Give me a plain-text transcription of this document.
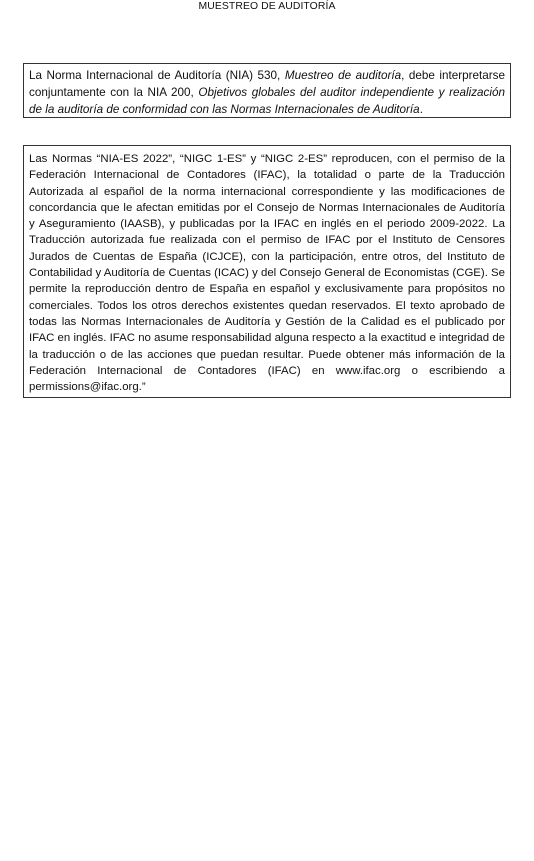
MUESTREO DE AUDITORÍA
La Norma Internacional de Auditoría (NIA) 530, Muestreo de auditoría, debe interpretarse conjuntamente con la NIA 200, Objetivos globales del auditor independiente y realización de la auditoría de conformidad con las Normas Internacionales de Auditoría.
Las Normas “NIA-ES 2022”, “NIGC 1-ES” y “NIGC 2-ES” reproducen, con el permiso de la Federación Internacional de Contadores (IFAC), la totalidad o parte de la Traducción Autorizada al español de la norma internacional correspondiente y las modificaciones de concordancia que le afectan emitidas por el Consejo de Normas Internacionales de Auditoría y Aseguramiento (IAASB), y publicadas por la IFAC en inglés en el periodo 2009-2022. La Traducción autorizada fue realizada con el permiso de IFAC por el Instituto de Censores Jurados de Cuentas de España (ICJCE), con la participación, entre otros, del Instituto de Contabilidad y Auditoría de Cuentas (ICAC) y del Consejo General de Economistas (CGE). Se permite la reproducción dentro de España en español y exclusivamente para propósitos no comerciales. Todos los otros derechos existentes quedan reservados. El texto aprobado de todas las Normas Internacionales de Auditoría y Gestión de la Calidad es el publicado por IFAC en inglés. IFAC no asume responsabilidad alguna respecto a la exactitud e integridad de la traducción o de las acciones que puedan resultar. Puede obtener más información de la Federación Internacional de Contadores (IFAC) en www.ifac.org o escribiendo a permissions@ifac.org.”
